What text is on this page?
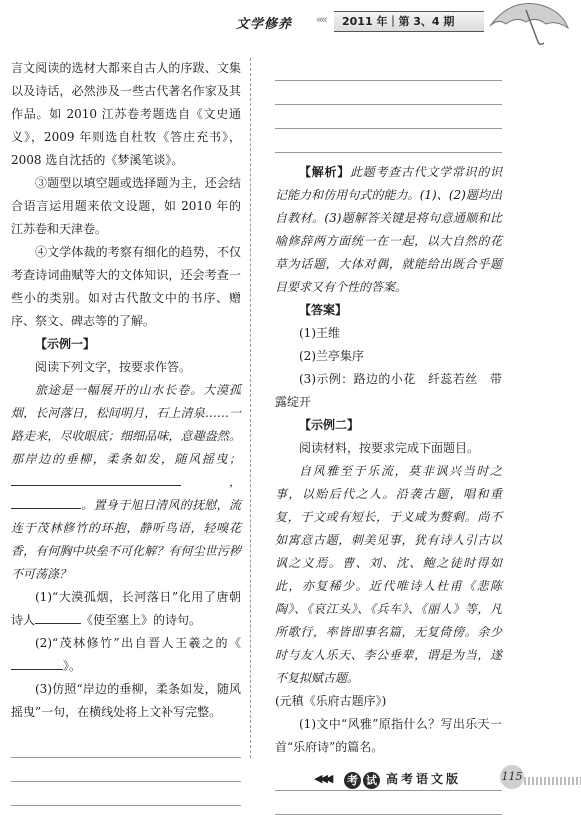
文学修养 ‹‹‹‹ 2011 年｜第 3、4 期

言文阅读的选材大都来自古人的序跋、文集以及诗话，必然涉及一些古代著名作家及其作品。如 2010 江苏卷考题选自《文史通义》，2009 年则选自杜牧《答庄充书》，2008 选自沈括的《梦溪笔谈》。

③题型以填空题或选择题为主，还会结合语言运用题来依文设题，如 2010 年的江苏卷和天津卷。

④文学体裁的考察有细化的趋势，不仅考查诗词曲赋等大的文体知识，还会考查一些小的类别。如对古代散文中的书序、赠序、祭文、碑志等的了解。

【示例一】

阅读下列文字，按要求作答。

旅途是一幅展开的山水长卷。大漠孤烟，长河落日，松间明月，石上清泉……一路走来，尽收眼底；细细品味，意趣盎然。那岸边的垂柳，柔条如发，随风摇曳；，。置身于旭日清风的抚慰，流连于茂林修竹的环抱，静听鸟语，轻嗅花香，有何胸中块垒不可化解？有何尘世污秽不可荡涤？

(1)“大漠孤烟，长河落日”化用了唐朝诗人	《使至塞上》的诗句。

(2)“茂林修竹”出自晋人王羲之的《》。

(3)仿照“岸边的垂柳，柔条如发，随风摇曳”一句，在横线处将上文补写完整。

【解析】此题考查古代文学常识的识记能力和仿用句式的能力。(1)、(2)题均出自教材。(3)题解答关键是将句意通顺和比喻修辞两方面统一在一起，以大自然的花草为话题，大体对偶，就能给出既合乎题目要求又有个性的答案。

【答案】

(1)王维

(2)兰亭集序

(3)示例：路边的小花　纤蕊若丝　带露绽开

【示例二】

阅读材料，按要求完成下面题目。

自风雅至于乐流，莫非讽兴当时之事，以贻后代之人。沿袭古题，唱和重复，于文或有短长，于义咸为赘剩。尚不如寓意古题，刺美见事，犹有诗人引古以讽之义焉。曹、刘、沈、鲍之徒时得如此，亦复稀少。近代唯诗人杜甫《悲陈陶》、《哀江头》、《兵车》、《丽人》等，凡所歌行，率皆即事名篇，无复倚傍。余少时与友人乐天、李公垂辈，谓是为当，遂不复拟赋古题。

(元稹《乐府古题序》)

(1)文中“风雅”原指什么？写出乐天一首“乐府诗”的篇名。

◀◀◀ 考 试 高考语文版	115
